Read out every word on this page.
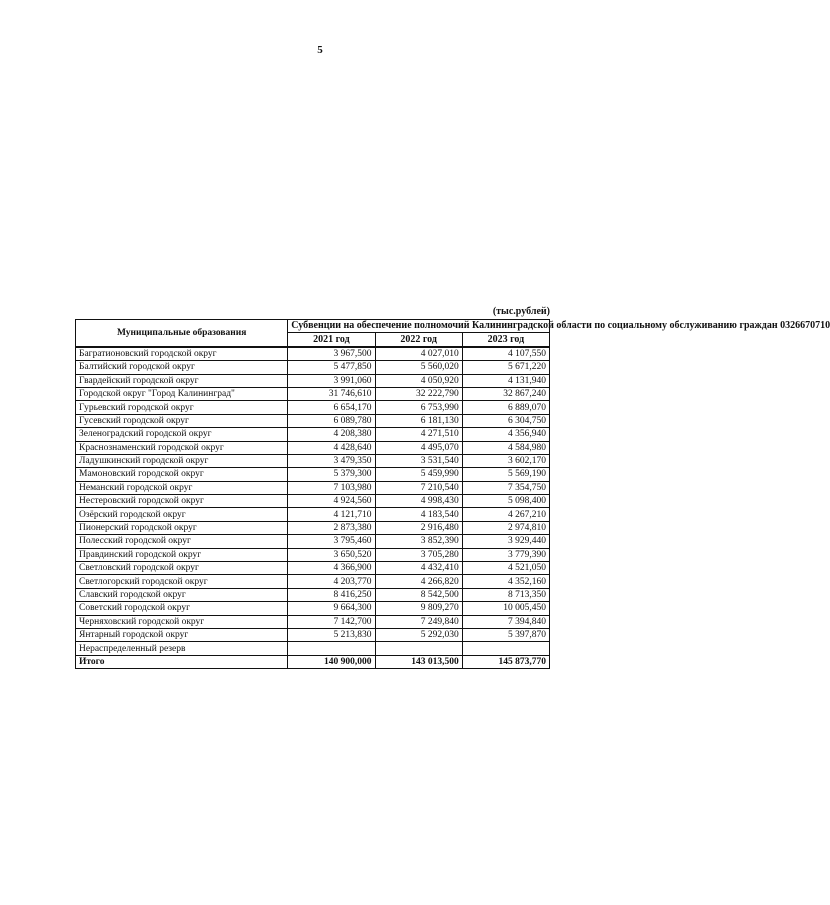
5
(тыс.рублей)
Муниципальные образования	Субвенции на обеспечение полномочий Калининградской области по социальному обслуживанию граждан 0326670710		
	2021 год	2022 год	2023 год
Багратионовский городской округ	3 967,500	4 027,010	4 107,550
Балтийский городской округ	5 477,850	5 560,020	5 671,220
Гвардейский городской округ	3 991,060	4 050,920	4 131,940
Городской округ "Город Калининград"	31 746,610	32 222,790	32 867,240
Гурьевский городской округ	6 654,170	6 753,990	6 889,070
Гусевский городской округ	6 089,780	6 181,130	6 304,750
Зеленоградский городской округ	4 208,380	4 271,510	4 356,940
Краснознаменский городской округ	4 428,640	4 495,070	4 584,980
Ладушкинский городской округ	3 479,350	3 531,540	3 602,170
Мамоновский городской округ	5 379,300	5 459,990	5 569,190
Неманский городской округ	7 103,980	7 210,540	7 354,750
Нестеровский городской округ	4 924,560	4 998,430	5 098,400
Озёрский городской округ	4 121,710	4 183,540	4 267,210
Пионерский городской округ	2 873,380	2 916,480	2 974,810
Полесский городской округ	3 795,460	3 852,390	3 929,440
Правдинский городской округ	3 650,520	3 705,280	3 779,390
Светловский городской округ	4 366,900	4 432,410	4 521,050
Светлогорский городской округ	4 203,770	4 266,820	4 352,160
Славский городской округ	8 416,250	8 542,500	8 713,350
Советский городской округ	9 664,300	9 809,270	10 005,450
Черняховский городской округ	7 142,700	7 249,840	7 394,840
Янтарный городской округ	5 213,830	5 292,030	5 397,870
Нераспределенный резерв			
Итого	140 900,000	143 013,500	145 873,770
